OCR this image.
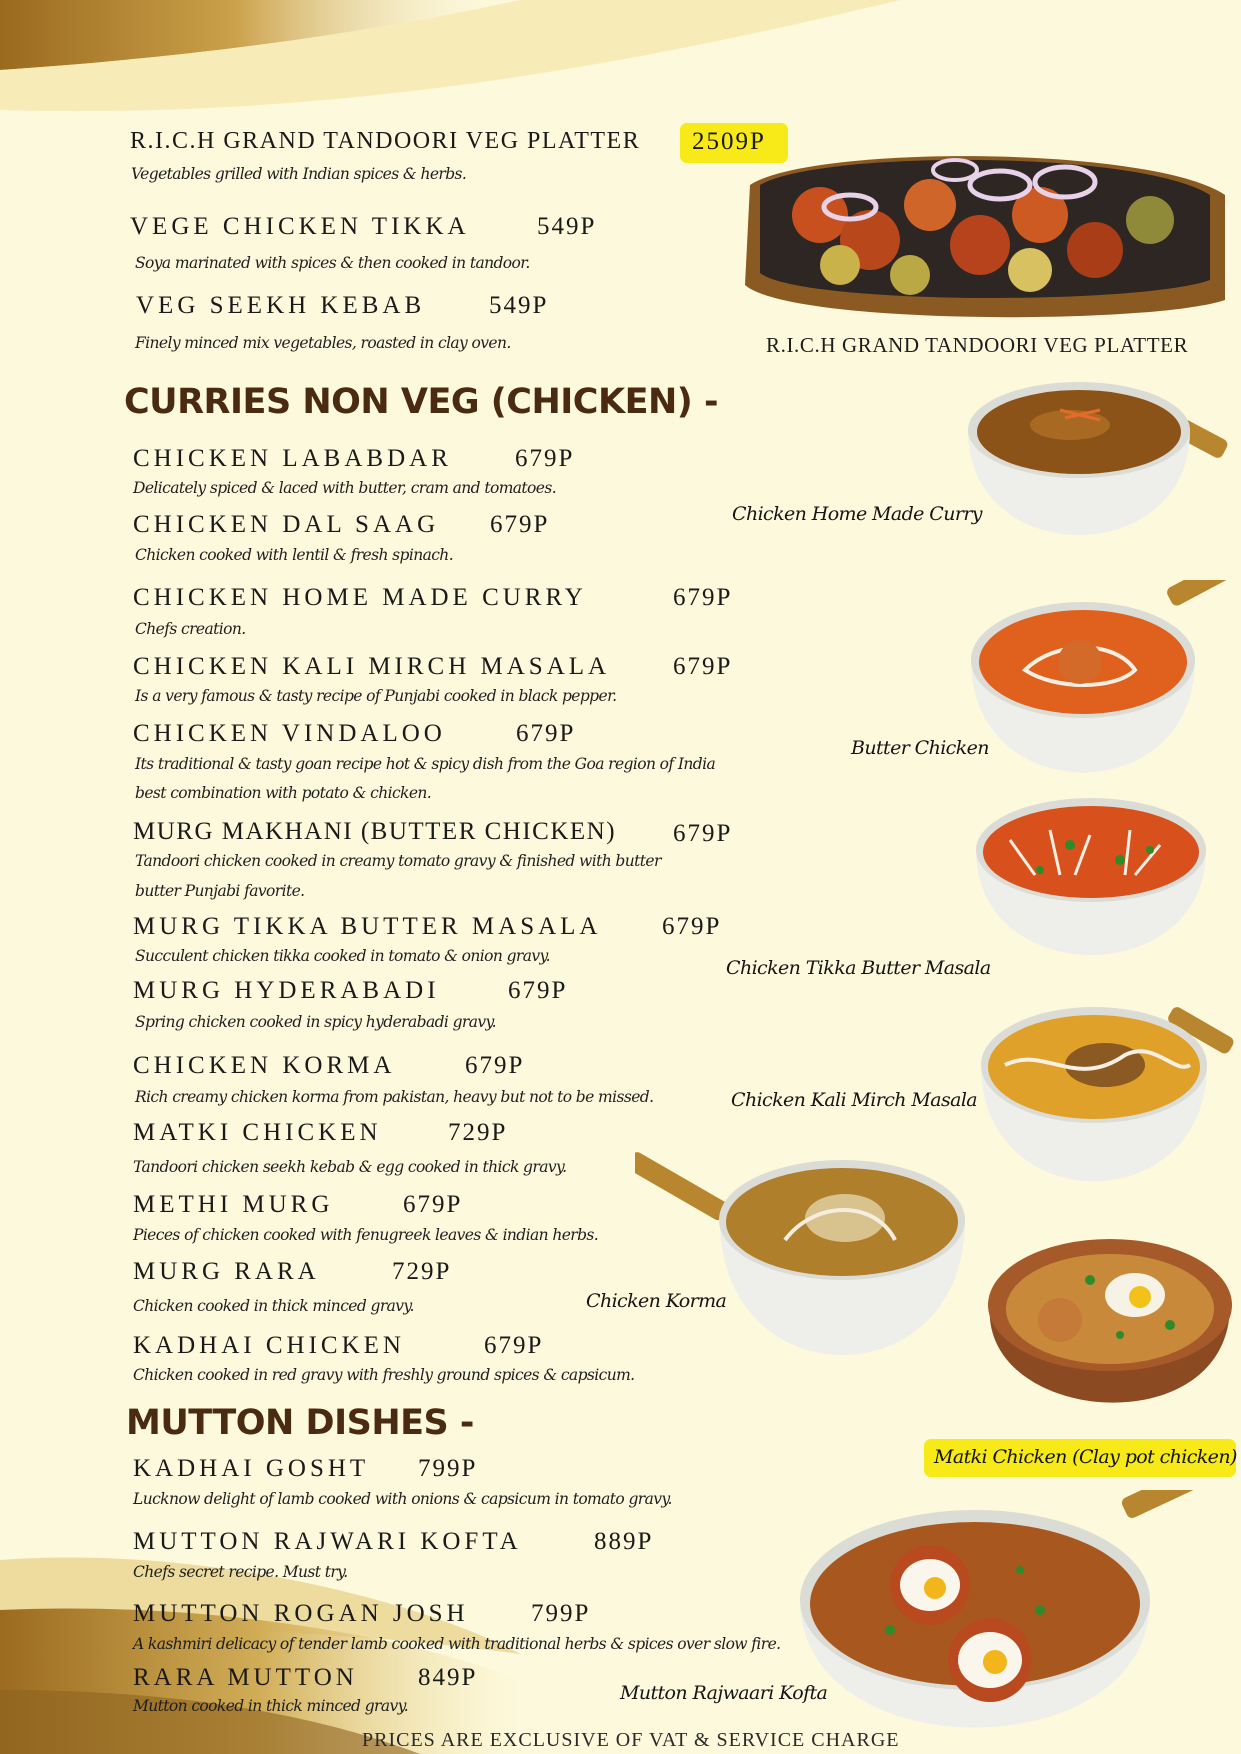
R.I.C.H GRAND TANDOORI VEG PLATTER 2509P
Vegetables grilled with Indian spices & herbs.
VEGE CHICKEN TIKKA	549P
Soya marinated with spices & then cooked in tandoor.
VEG SEEKH KEBAB	549P
Finely minced mix vegetables, roasted in clay oven.	R.I.C.H GRAND TANDOORI VEG PLATTER
CURRIES NON VEG (CHICKEN) -
CHICKEN LABABDAR	679P
Delicately spiced & laced with butter, cram and tomatoes.
CHICKEN DAL SAAG 679P
Chicken cooked with lentil & fresh spinach.
CHICKEN HOME MADE CURRY	679P
Chefs creation.
CHICKEN KALI MIRCH MASALA	679P
Is a very famous & tasty recipe of Punjabi cooked in black pepper.
CHICKEN VINDALOO	679P
Its traditional & tasty goan recipe hot & spicy dish from the Goa region of India
best combination with potato & chicken.
MURG MAKHANI (BUTTER CHICKEN) 679P
Tandoori chicken cooked in creamy tomato gravy & finished with butter
butter Punjabi favorite.
MURG TIKKA BUTTER MASALA 679P
Succulent chicken tikka cooked in tomato & onion gravy.
MURG HYDERABADI	679P
Spring chicken cooked in spicy hyderabadi gravy.
CHICKEN KORMA	679P
Rich creamy chicken korma from pakistan, heavy but not to be missed.
MATKI CHICKEN	729P
Tandoori chicken seekh kebab & egg cooked in thick gravy.
METHI MURG	679P
Pieces of chicken cooked with fenugreek leaves & indian herbs.
MURG RARA	729P
Chicken cooked in thick minced gravy.
KADHAI CHICKEN	679P
Chicken cooked in red gravy with freshly ground spices & capsicum.
Chicken Home Made Curry
Butter Chicken
Chicken Tikka Butter Masala
Chicken Kali Mirch Masala
Chicken Korma
Matki Chicken (Clay pot chicken)
MUTTON DISHES -
KADHAI GOSHT 799P
Lucknow delight of lamb cooked with onions & capsicum in tomato gravy.
MUTTON RAJWARI KOFTA	889P
Chefs secret recipe. Must try.
MUTTON ROGAN JOSH 799P
A kashmiri delicacy of tender lamb cooked with traditional herbs & spices over slow fire.
RARA MUTTON 849P
Mutton cooked in thick minced gravy.
Mutton Rajwaari Kofta
PRICES ARE EXCLUSIVE OF VAT & SERVICE CHARGE
